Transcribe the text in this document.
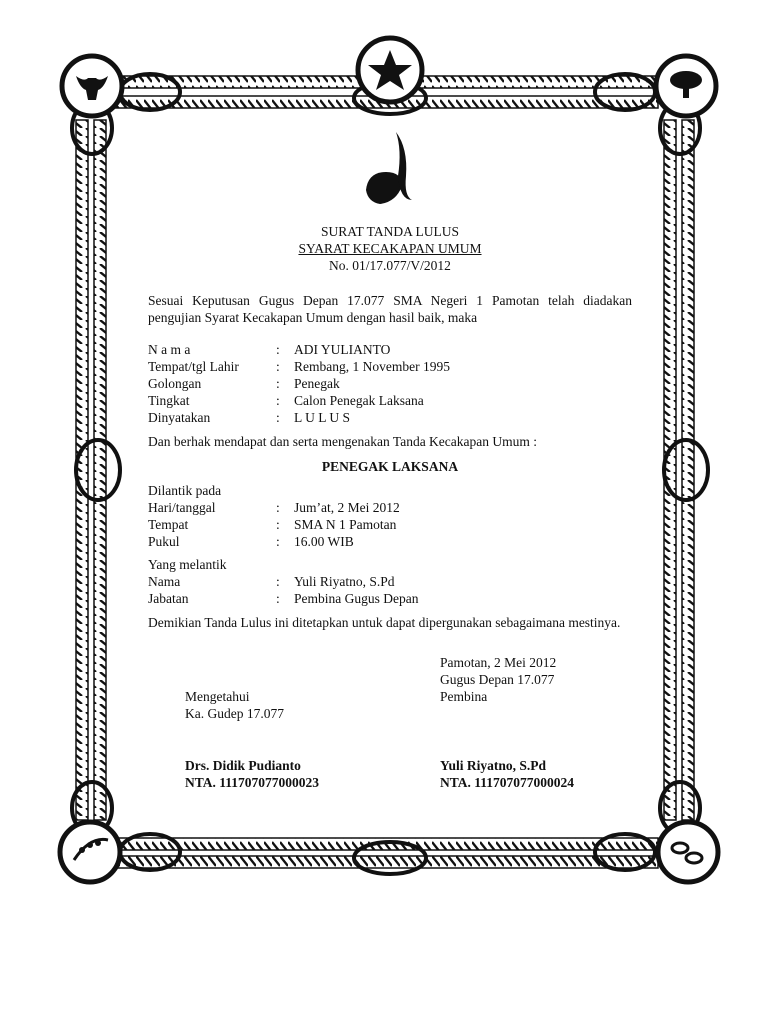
SURAT TANDA LULUS
SYARAT KECAKAPAN UMUM
No. 01/17.077/V/2012
Sesuai Keputusan Gugus Depan 17.077 SMA Negeri 1 Pamotan telah diadakan pengujian Syarat Kecakapan Umum dengan hasil baik, maka
N a m a	: ADI YULIANTO
Tempat/tgl Lahir	: Rembang, 1 November 1995
Golongan	: Penegak
Tingkat	: Calon Penegak Laksana
Dinyatakan	: L U L U S
Dan berhak mendapat dan serta mengenakan Tanda Kecakapan Umum :
PENEGAK LAKSANA
Dilantik pada
Hari/tanggal	: Jum’at, 2 Mei 2012
Tempat	: SMA N 1 Pamotan
Pukul	: 16.00 WIB
Yang melantik
Nama	: Yuli Riyatno, S.Pd
Jabatan	: Pembina Gugus Depan
Demikian Tanda Lulus ini ditetapkan untuk dapat dipergunakan sebagaimana mestinya.
Pamotan, 2 Mei 2012
Gugus Depan 17.077
Pembina
Mengetahui
Ka. Gudep 17.077
Drs. Didik Pudianto
NTA. 111707077000023
Yuli Riyatno, S.Pd
NTA. 111707077000024
